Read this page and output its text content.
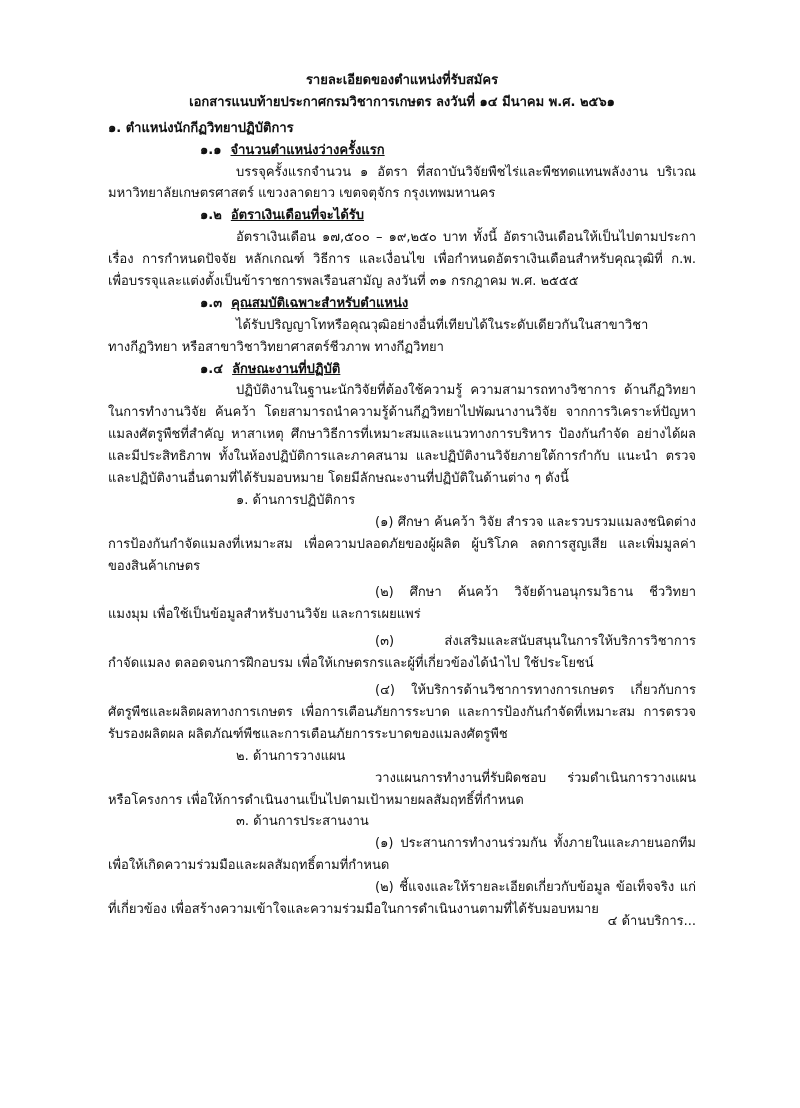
รายละเอียดของตำแหน่งที่รับสมัคร
เอกสารแนบท้ายประกาศกรมวิชาการเกษตร ลงวันที่ ๑๔ มีนาคม พ.ศ. ๒๕๖๑
๑. ตำแหน่งนักกีฏวิทยาปฏิบัติการ
๑.๑ จำนวนตำแหน่งว่างครั้งแรก
บรรจุครั้งแรกจำนวน ๑ อัตรา ที่สถาบันวิจัยพืชไร่และพืชทดแทนพลังงาน บริเวณ
มหาวิทยาลัยเกษตรศาสตร์ แขวงลาดยาว เขตจตุจักร กรุงเทพมหานคร
๑.๒ อัตราเงินเดือนที่จะได้รับ
อัตราเงินเดือน ๑๗,๕๐๐ – ๑๙,๒๕๐ บาท ทั้งนี้ อัตราเงินเดือนให้เป็นไปตามประกา
เรื่อง การกำหนดปัจจัย หลักเกณฑ์ วิธีการ และเงื่อนไข เพื่อกำหนดอัตราเงินเดือนสำหรับคุณวุฒิที่ ก.พ.
เพื่อบรรจุและแต่งตั้งเป็นข้าราชการพลเรือนสามัญ ลงวันที่ ๓๑ กรกฎาคม พ.ศ. ๒๕๕๕
๑.๓ คุณสมบัติเฉพาะสำหรับตำแหน่ง
ได้รับปริญญาโทหรือคุณวุฒิอย่างอื่นที่เทียบได้ในระดับเดียวกันในสาขาวิชา
ทางกีฏวิทยา หรือสาขาวิชาวิทยาศาสตร์ชีวภาพ ทางกีฏวิทยา
๑.๔ ลักษณะงานที่ปฏิบัติ
ปฏิบัติงานในฐานะนักวิจัยที่ต้องใช้ความรู้ ความสามารถทางวิชาการ ด้านกีฏวิทยา
ในการทำงานวิจัย ค้นคว้า โดยสามารถนำความรู้ด้านกีฏวิทยาไปพัฒนางานวิจัย จากการวิเคราะห์ปัญหา
แมลงศัตรูพืชที่สำคัญ หาสาเหตุ ศึกษาวิธีการที่เหมาะสมและแนวทางการบริหาร ป้องกันกำจัด อย่างได้ผล
และมีประสิทธิภาพ ทั้งในห้องปฏิบัติการและภาคสนาม และปฏิบัติงานวิจัยภายใต้การกำกับ แนะนำ ตรวจ
และปฏิบัติงานอื่นตามที่ได้รับมอบหมาย โดยมีลักษณะงานที่ปฏิบัติในด้านต่าง ๆ ดังนี้
๑. ด้านการปฏิบัติการ
(๑) ศึกษา ค้นคว้า วิจัย สำรวจ และรวบรวมแมลงชนิดต่าง
การป้องกันกำจัดแมลงที่เหมาะสม เพื่อความปลอดภัยของผู้ผลิต ผู้บริโภค ลดการสูญเสีย และเพิ่มมูลค่า
ของสินค้าเกษตร
(๒) ศึกษา ค้นคว้า วิจัยด้านอนุกรมวิธาน ชีววิทยา
แมงมุม เพื่อใช้เป็นข้อมูลสำหรับงานวิจัย และการเผยแพร่
(๓) ส่งเสริมและสนับสนุนในการให้บริการวิชาการ
กำจัดแมลง ตลอดจนการฝึกอบรม เพื่อให้เกษตรกรและผู้ที่เกี่ยวข้องได้นำไป ใช้ประโยชน์
(๔) ให้บริการด้านวิชาการทางการเกษตร เกี่ยวกับการ
ศัตรูพืชและผลิตผลทางการเกษตร เพื่อการเตือนภัยการระบาด และการป้องกันกำจัดที่เหมาะสม การตรวจ
รับรองผลิตผล ผลิตภัณฑ์พืชและการเตือนภัยการระบาดของแมลงศัตรูพืช
๒. ด้านการวางแผน
วางแผนการทำงานที่รับผิดชอบ ร่วมดำเนินการวางแผน
หรือโครงการ เพื่อให้การดำเนินงานเป็นไปตามเป้าหมายผลสัมฤทธิ์ที่กำหนด
๓. ด้านการประสานงาน
(๑) ประสานการทำงานร่วมกัน ทั้งภายในและภายนอกทีม
เพื่อให้เกิดความร่วมมือและผลสัมฤทธิ์ตามที่กำหนด
(๒) ชี้แจงและให้รายละเอียดเกี่ยวกับข้อมูล ข้อเท็จจริง แก่
ที่เกี่ยวข้อง เพื่อสร้างความเข้าใจและความร่วมมือในการดำเนินงานตามที่ได้รับมอบหมาย
๔ ด้านบริการ...
